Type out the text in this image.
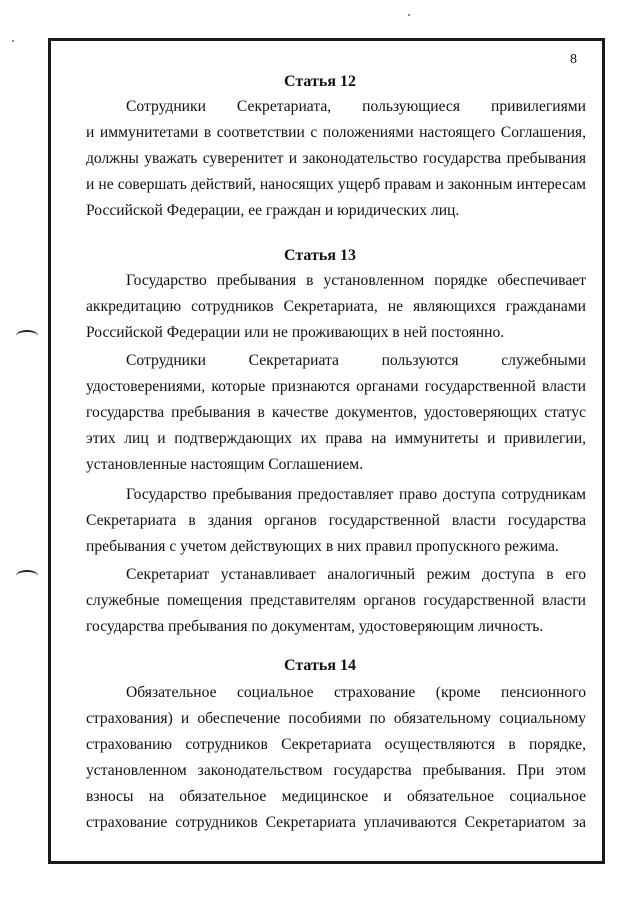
8
Статья 12
Сотрудники Секретариата, пользующиеся привилегиями
и иммунитетами в соответствии с положениями настоящего Соглашения,
должны уважать суверенитет и законодательство государства пребывания
и не совершать действий, наносящих ущерб правам и законным интересам
Российской Федерации, ее граждан и юридических лиц.
Статья 13
Государство пребывания в установленном порядке обеспечивает
аккредитацию сотрудников Секретариата, не являющихся гражданами
Российской Федерации или не проживающих в ней постоянно.
Сотрудники Секретариата пользуются служебными
удостоверениями, которые признаются органами государственной власти
государства пребывания в качестве документов, удостоверяющих статус
этих лиц и подтверждающих их права на иммунитеты и привилегии,
установленные настоящим Соглашением.
Государство пребывания предоставляет право доступа сотрудникам
Секретариата в здания органов государственной власти государства
пребывания с учетом действующих в них правил пропускного режима.
Секретариат устанавливает аналогичный режим доступа в его
служебные помещения представителям органов государственной власти
государства пребывания по документам, удостоверяющим личность.
Статья 14
Обязательное социальное страхование (кроме пенсионного
страхования) и обеспечение пособиями по обязательному социальному
страхованию сотрудников Секретариата осуществляются в порядке,
установленном законодательством государства пребывания. При этом
взносы на обязательное медицинское и обязательное социальное
страхование сотрудников Секретариата уплачиваются Секретариатом за
